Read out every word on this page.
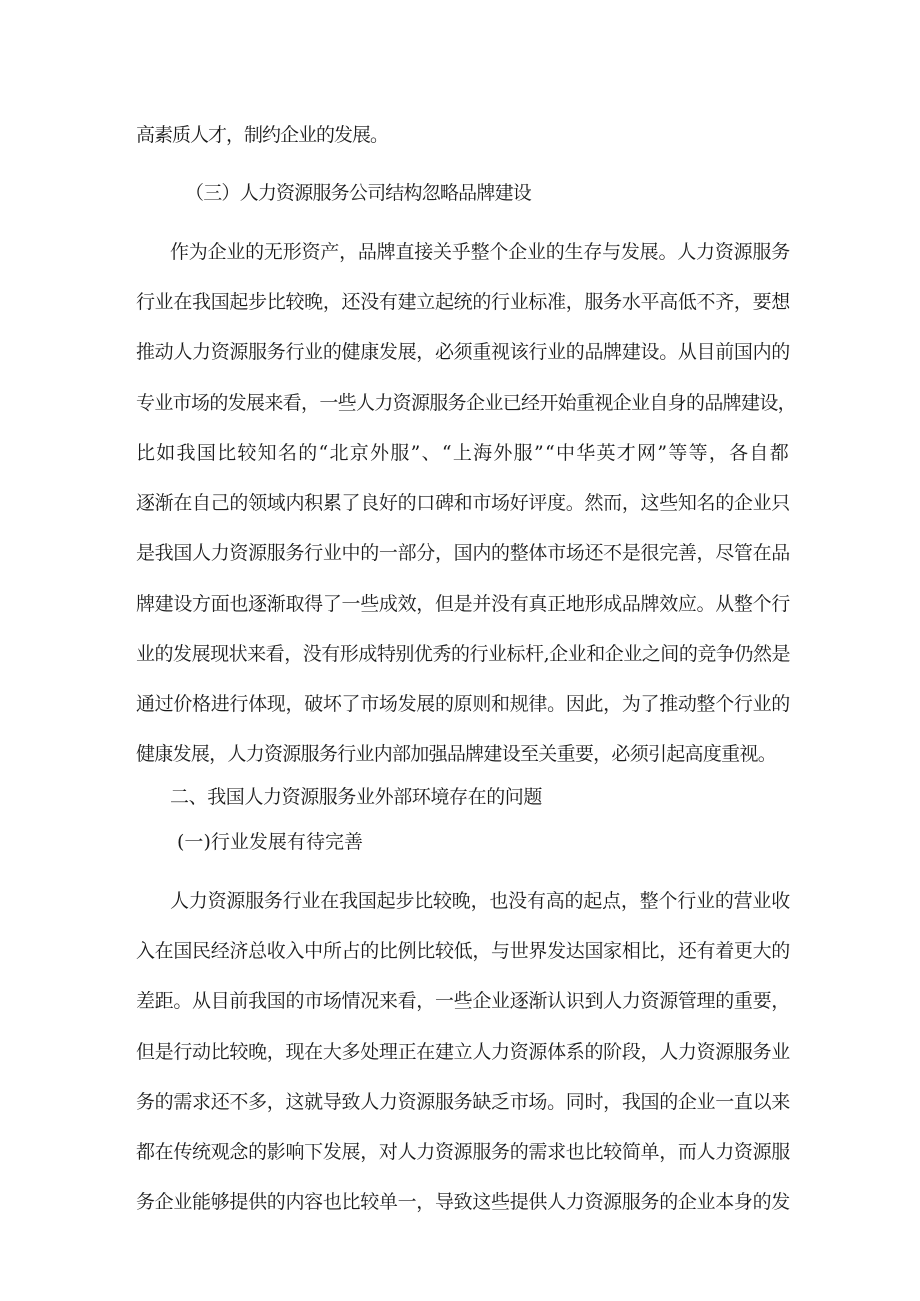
高素质人才，制约企业的发展。
（三）人力资源服务公司结构忽略品牌建设
作为企业的无形资产，品牌直接关乎整个企业的生存与发展。人力资源服务
行业在我国起步比较晚，还没有建立起统的行业标准，服务水平高低不齐，要想
推动人力资源服务行业的健康发展，必须重视该行业的品牌建设。从目前国内的
专业市场的发展来看，一些人力资源服务企业已经开始重视企业自身的品牌建设，
比如我国比较知名的“北京外服”、“上海外服”“中华英才网”等等，各自都
逐渐在自己的领域内积累了良好的口碑和市场好评度。然而，这些知名的企业只
是我国人力资源服务行业中的一部分，国内的整体市场还不是很完善，尽管在品
牌建设方面也逐渐取得了一些成效，但是并没有真正地形成品牌效应。从整个行
业的发展现状来看，没有形成特别优秀的行业标杆,企业和企业之间的竞争仍然是
通过价格进行体现，破坏了市场发展的原则和规律。因此，为了推动整个行业的
健康发展，人力资源服务行业内部加强品牌建设至关重要，必须引起高度重视。
二、我国人力资源服务业外部环境存在的问题
(一)行业发展有待完善
人力资源服务行业在我国起步比较晚，也没有高的起点，整个行业的营业收
入在国民经济总收入中所占的比例比较低，与世界发达国家相比，还有着更大的
差距。从目前我国的市场情况来看，一些企业逐渐认识到人力资源管理的重要，
但是行动比较晚，现在大多处理正在建立人力资源体系的阶段，人力资源服务业
务的需求还不多，这就导致人力资源服务缺乏市场。同时，我国的企业一直以来
都在传统观念的影响下发展，对人力资源服务的需求也比较简单，而人力资源服
务企业能够提供的内容也比较单一，导致这些提供人力资源服务的企业本身的发
